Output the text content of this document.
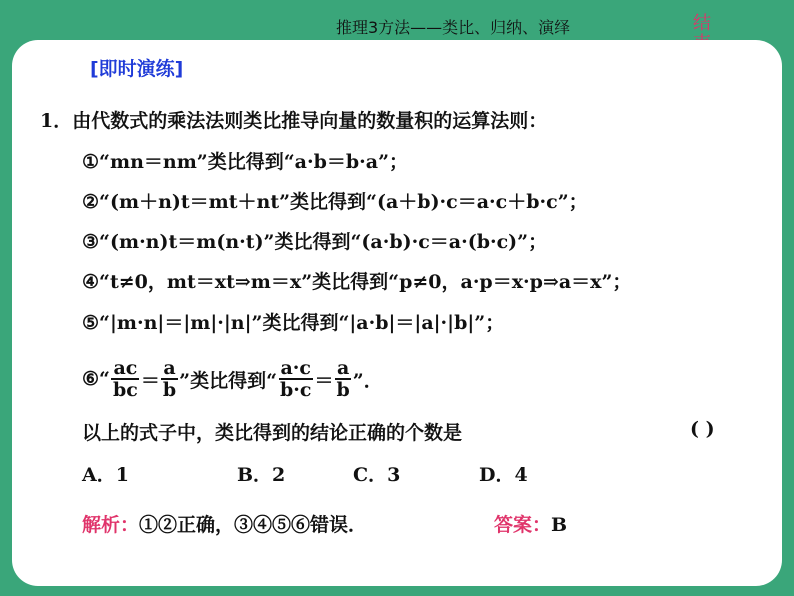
推理3方法——类比、归纳、演绎	结
[即时演练]
1．由代数式的乘法法则类比推导向量的数量积的运算法则：
①“mn＝nm”类比得到“a·b＝b·a”；
②“(m＋n)t＝mt＋nt”类比得到“(a＋b)·c＝a·c＋b·c”；
③“(m·n)t＝m(n·t)”类比得到“(a·b)·c＝a·(b·c)”；
④“t≠0，mt＝xt⇒m＝x”类比得到“p≠0，a·p＝x·p⇒a＝x”；
⑤“|m·n|＝|m|·|n|”类比得到“|a·b|＝|a|·|b|”；
⑥ “ $\frac{ac}{bc} = \frac{a}{b}$ ”类比得到“ $\frac{a\cdot c}{b\cdot c} = \frac{a}{b}$ ”．
以上的式子中，类比得到的结论正确的个数是	( )
A．1	B．2	C．3	D．4
解析：①②正确，③④⑤⑥错误．	答案：B
